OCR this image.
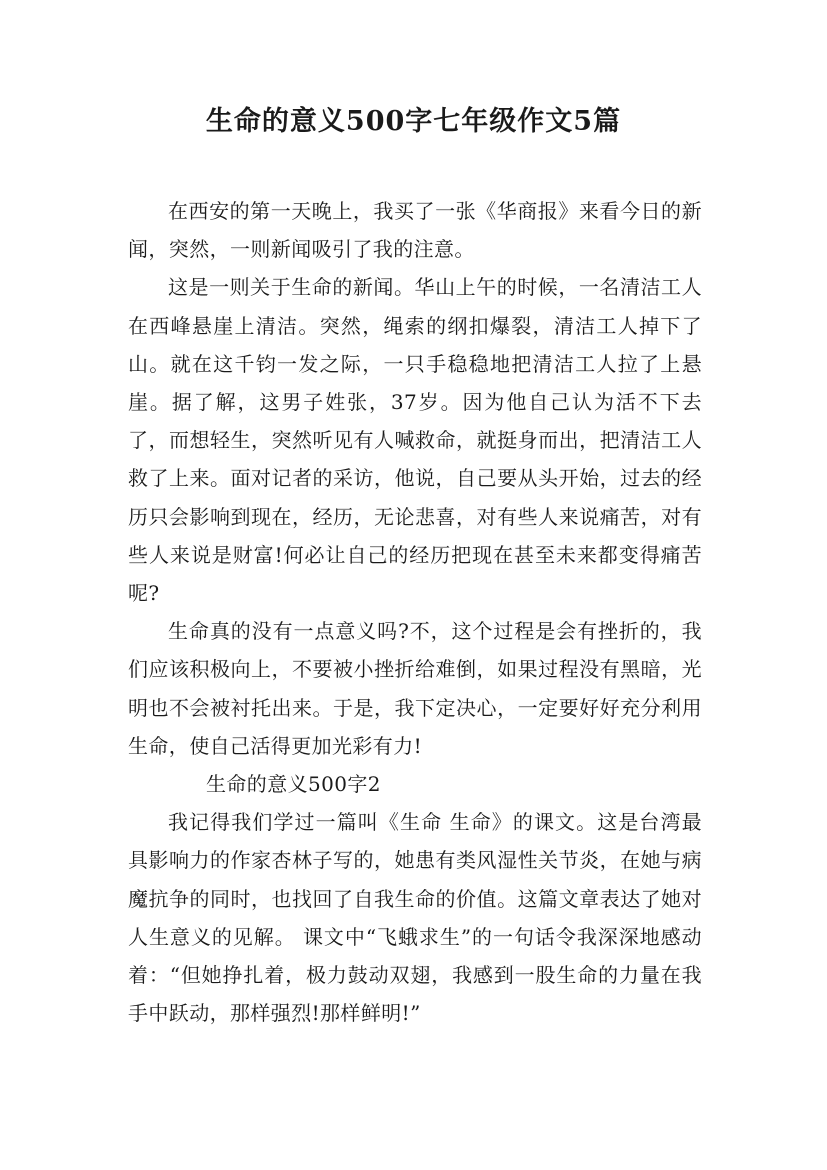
生命的意义500字七年级作文5篇

在西安的第一天晚上，我买了一张《华商报》来看今日的新闻，突然，一则新闻吸引了我的注意。

这是一则关于生命的新闻。华山上午的时候，一名清洁工人在西峰悬崖上清洁。突然，绳索的纲扣爆裂，清洁工人掉下了山。就在这千钧一发之际，一只手稳稳地把清洁工人拉了上悬崖。据了解，这男子姓张，37岁。因为他自己认为活不下去了，而想轻生，突然听见有人喊救命，就挺身而出，把清洁工人救了上来。面对记者的采访，他说，自己要从头开始，过去的经历只会影响到现在，经历，无论悲喜，对有些人来说痛苦，对有些人来说是财富!何必让自己的经历把现在甚至未来都变得痛苦呢?

生命真的没有一点意义吗?不，这个过程是会有挫折的，我们应该积极向上，不要被小挫折给难倒，如果过程没有黑暗，光明也不会被衬托出来。于是，我下定决心，一定要好好充分利用生命，使自己活得更加光彩有力!

生命的意义500字2

我记得我们学过一篇叫《生命 生命》的课文。这是台湾最具影响力的作家杏林子写的，她患有类风湿性关节炎，在她与病魔抗争的同时，也找回了自我生命的价值。这篇文章表达了她对人生意义的见解。 课文中“飞蛾求生”的一句话令我深深地感动着：“但她挣扎着，极力鼓动双翅，我感到一股生命的力量在我手中跃动，那样强烈!那样鲜明!”
